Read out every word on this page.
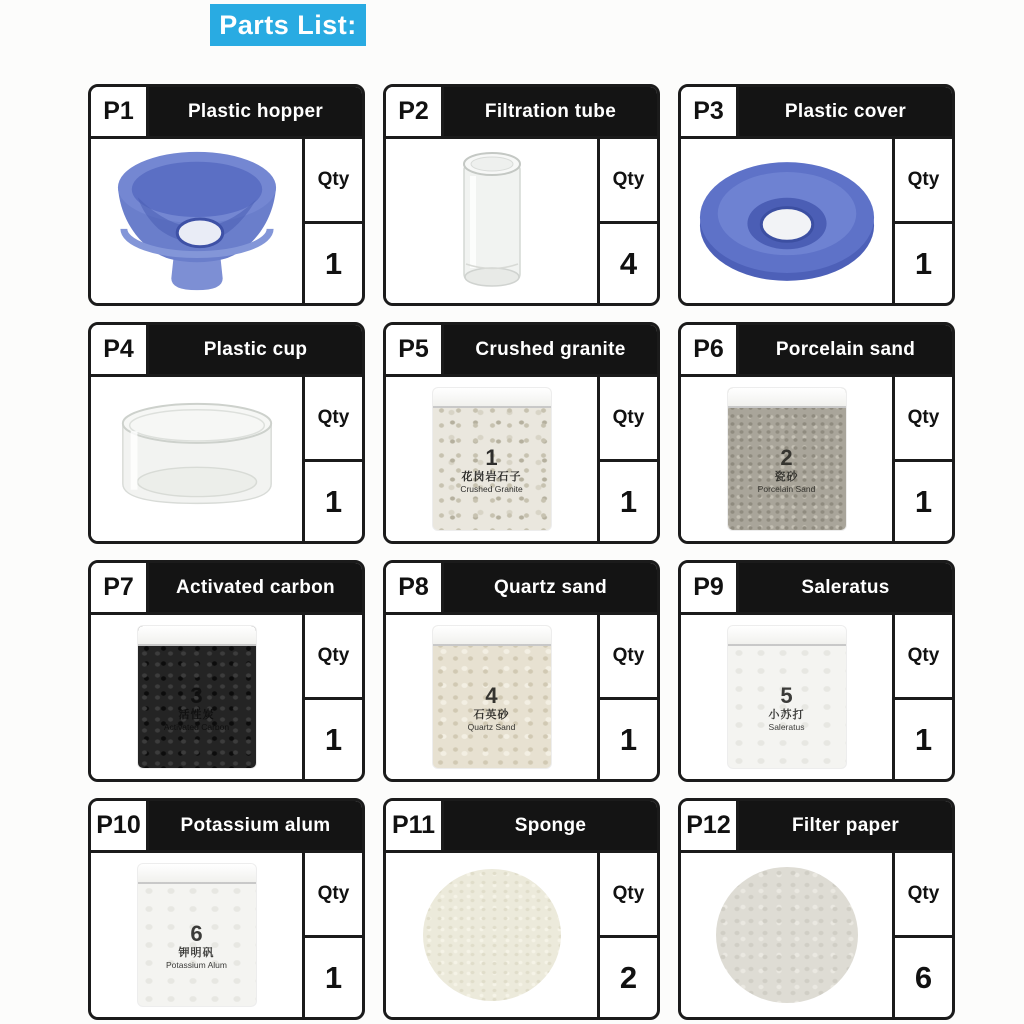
Parts List:
P1	Plastic hopper
Qty
1
P2	Filtration tube
Qty
4
P3	Plastic cover
Qty
1
P4	Plastic cup
Qty
1
P5	Crushed granite
1
花岗岩石子
Crushed Granite
Qty
1
P6	Porcelain sand
2
瓷砂
Porcelain Sand
Qty
1
P7	Activated carbon
3
活性炭
Activated Carbon
Qty
1
P8	Quartz sand
4
石英砂
Quartz Sand
Qty
1
P9	Saleratus
5
小苏打
Saleratus
Qty
1
P10	Potassium alum
6
钾明矾
Potassium Alum
Qty
1
P11	Sponge
Qty
2
P12	Filter paper
Qty
6
